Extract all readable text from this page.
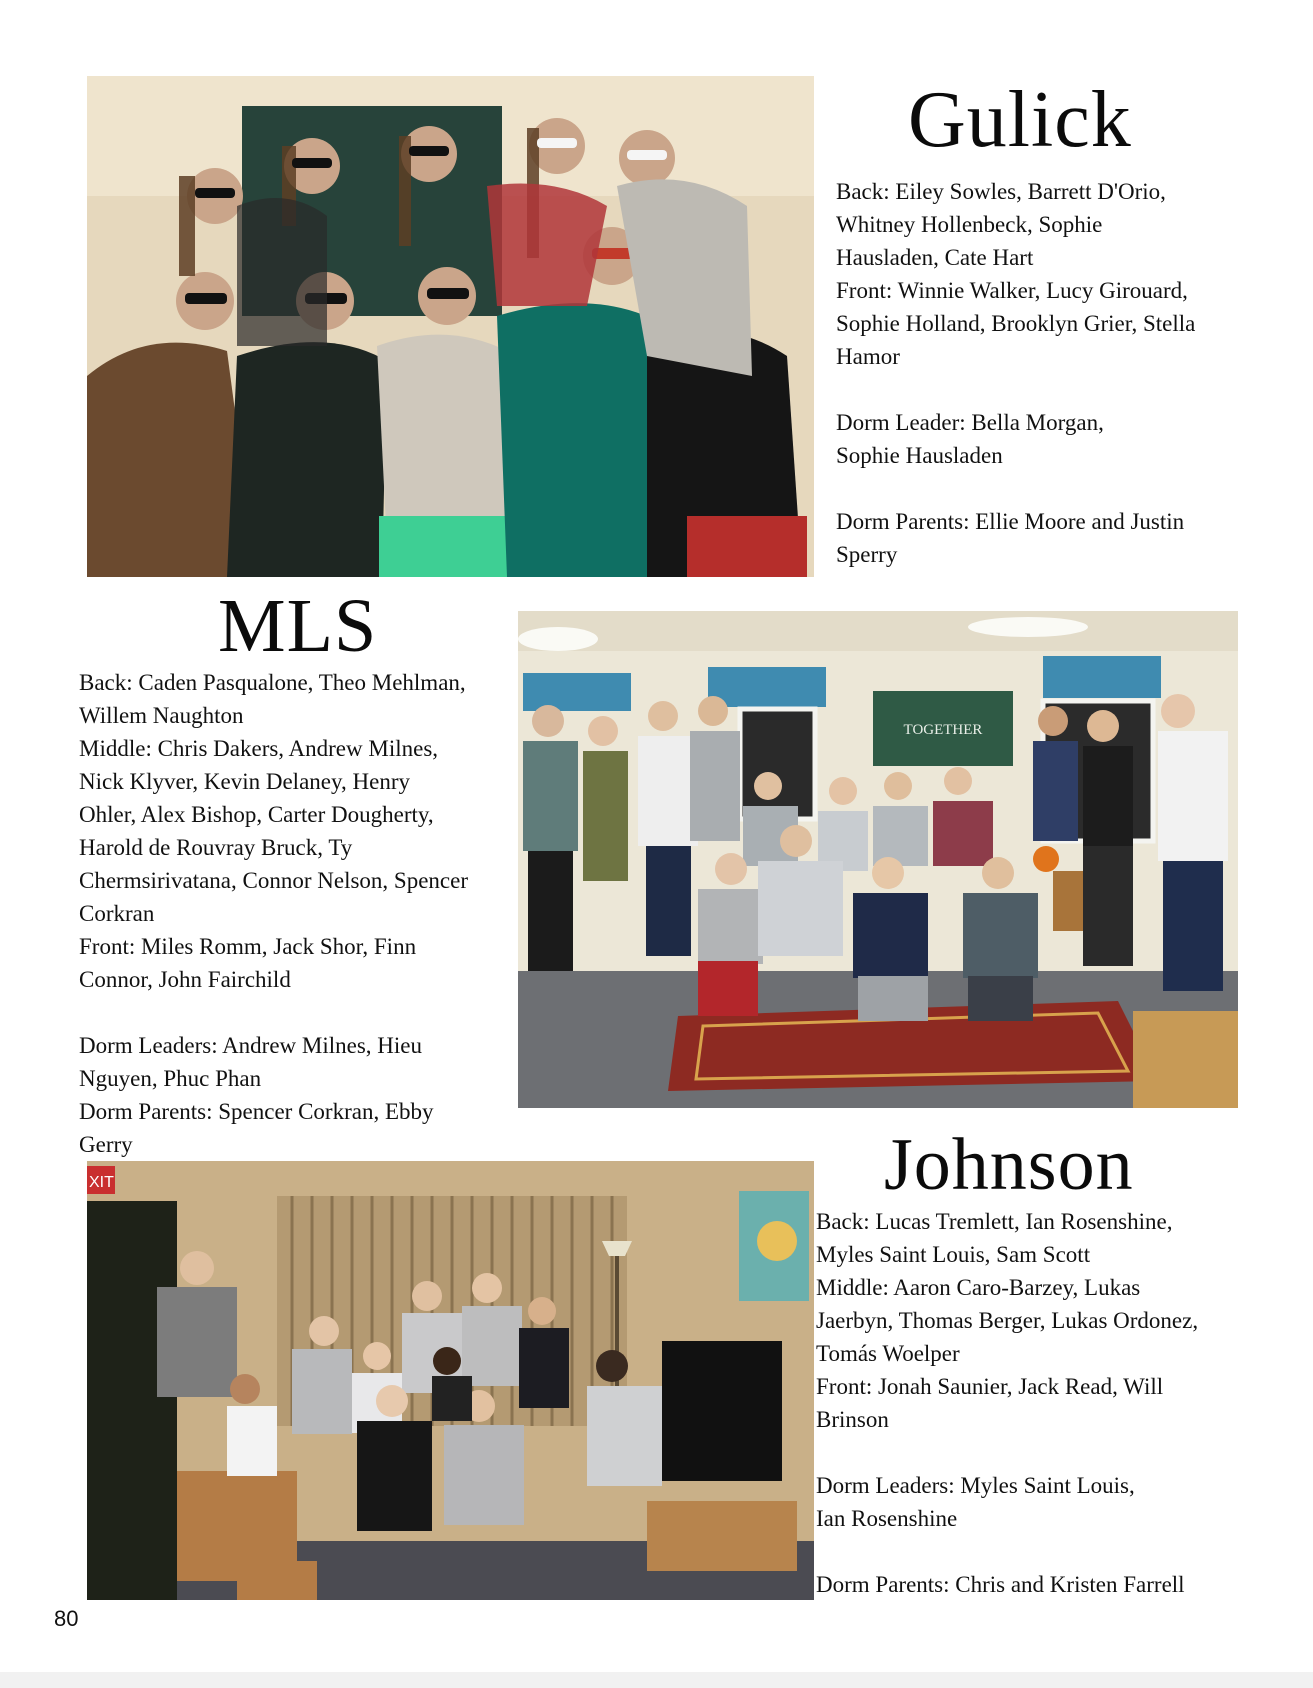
Gulick

Back: Eiley Sowles, Barrett D'Orio,

Whitney Hollenbeck, Sophie

Hausladen, Cate Hart

Front: Winnie Walker, Lucy Girouard,

Sophie Holland, Brooklyn Grier, Stella

Hamor

Dorm Leader: Bella Morgan,

Sophie Hausladen

Dorm Parents: Ellie Moore and Justin

Sperry

MLS

Back: Caden Pasqualone, Theo Mehlman,

Willem Naughton

Middle: Chris Dakers, Andrew Milnes,

Nick Klyver, Kevin Delaney, Henry

Ohler, Alex Bishop, Carter Dougherty,

Harold de Rouvray Bruck, Ty

Chermsirivatana, Connor Nelson, Spencer

Corkran

Front: Miles Romm, Jack Shor, Finn

Connor, John Fairchild

Dorm Leaders: Andrew Milnes, Hieu

Nguyen, Phuc Phan

Dorm Parents: Spencer Corkran, Ebby

Gerry

TOGETHER
Johnson
XIT

Back: Lucas Tremlett, Ian Rosenshine,

Myles Saint Louis, Sam Scott

Middle: Aaron Caro-Barzey, Lukas

Jaerbyn, Thomas Berger, Lukas Ordonez,

Tomás Woelper

Front: Jonah Saunier, Jack Read, Will

Brinson

Dorm Leaders: Myles Saint Louis,

Ian Rosenshine

Dorm Parents: Chris and Kristen Farrell

80
